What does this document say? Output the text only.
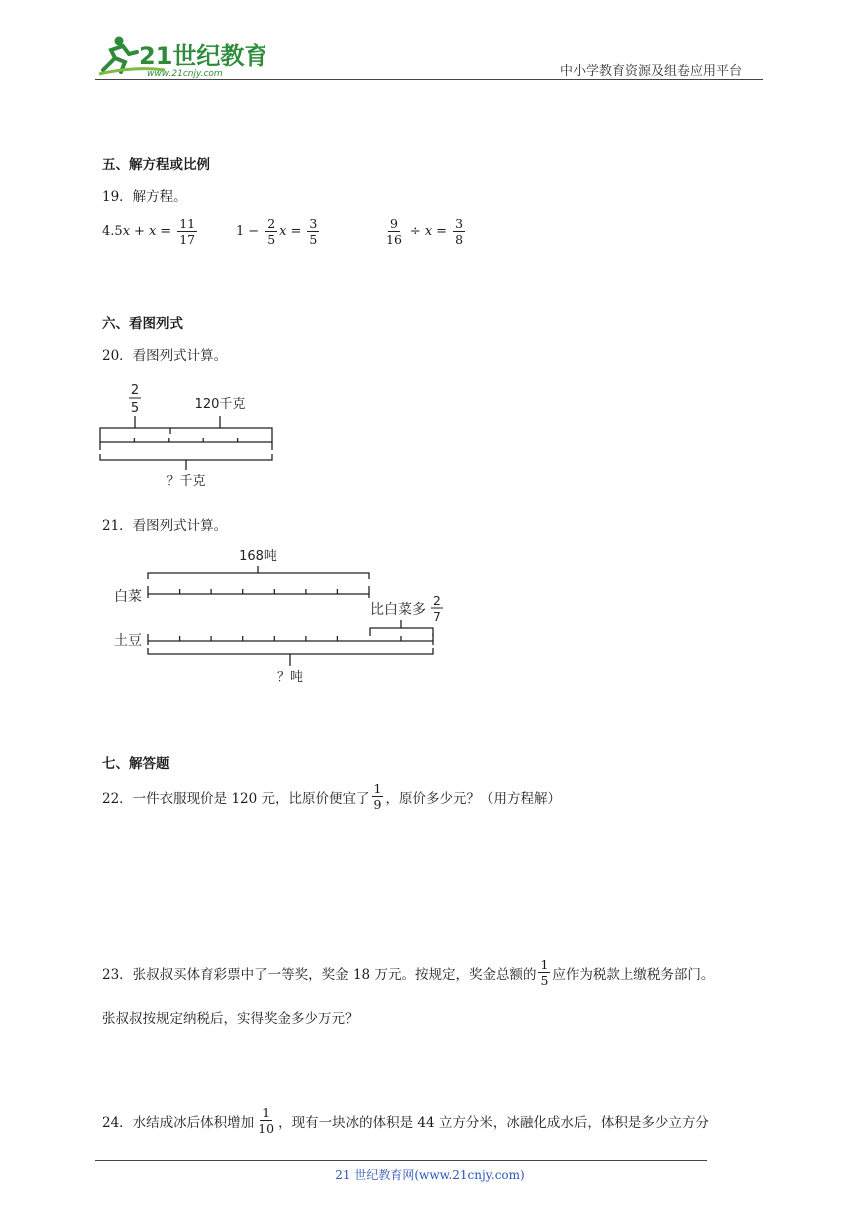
21世纪教育
www.21cnjy.com	中小学教育资源及组卷应用平台
五、解方程或比例
19．解方程。
4.5 $x + x = \frac{11}{17}$	$1 - \frac{2}{5}$ $x = \frac{3}{5}$	$\frac{9}{16} \div x = \frac{3}{8}$
六、看图列式
20．看图列式计算。
2
5	120千克
？千克
21．看图列式计算。
168吨
白菜
土豆
比白菜多
2
7
？吨
七、解答题
22．一件衣服现价是 120 元，比原价便宜了 $\frac{1}{9}$ ，原价多少元？（用方程解）
23．张叔叔买体育彩票中了一等奖，奖金 18 万元。按规定，奖金总额的 $\frac{1}{5}$ 应作为税款上缴税务部门。
张叔叔按规定纳税后，实得奖金多少万元？
24．水结成冰后体积增加 $\frac{1}{10}$ ，现有一块冰的体积是 44 立方分米，冰融化成水后，体积是多少立方分
21 世纪教育网(www.21cnjy.com)
